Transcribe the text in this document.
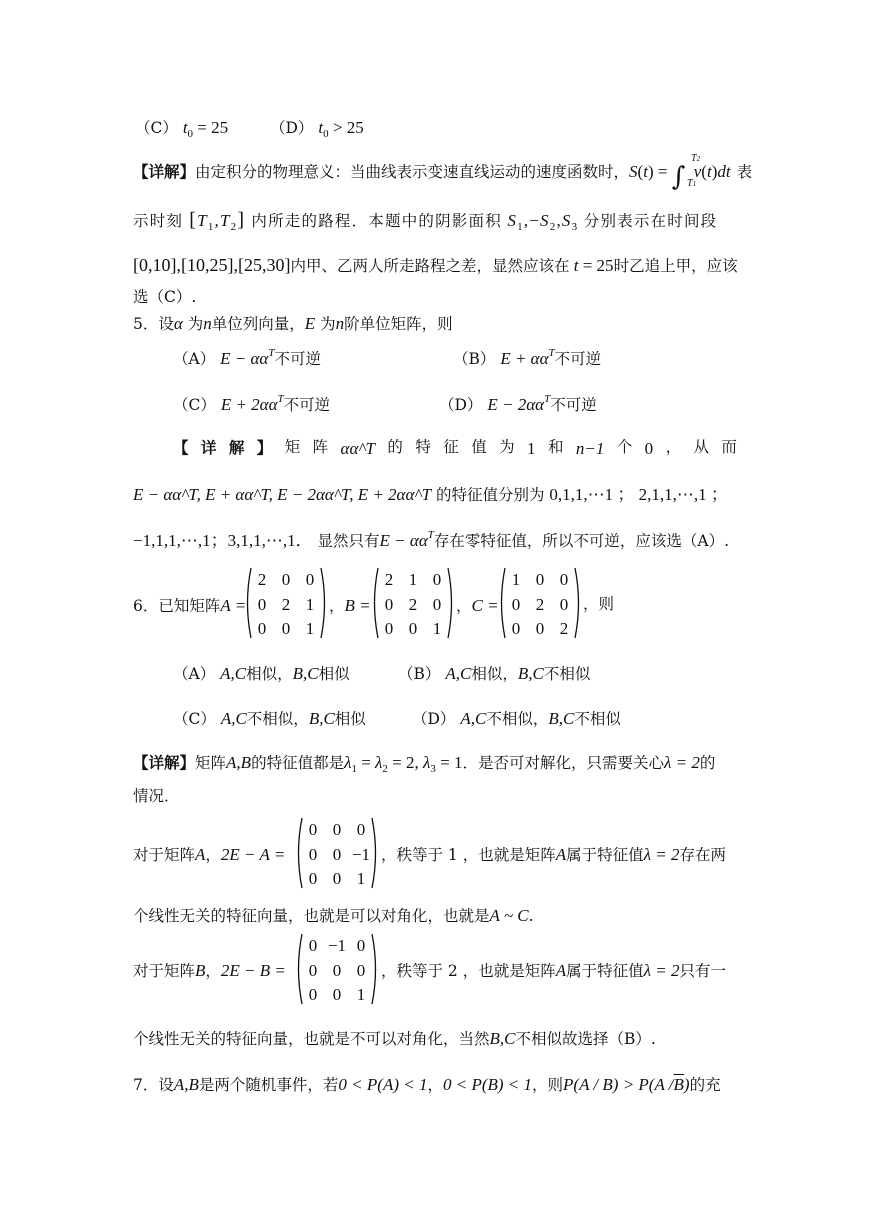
（C） $t_0 = 25$	（D） $t_0 > 25$
【详解】由定积分的物理意义：当曲线表示变速直线运动的速度函数时，S(t) = ∫
T2
T1
v(t)dt 表
示时刻 $[T_1,T_2]$ 内所走的路程．本题中的阴影面积 $S_1,-S_2,S_3$ 分别表示在时间段
[0,10],[10,25],[25,30]内甲、乙两人所走路程之差，显然应该在 t = 25时乙追上甲，应该
选（C）.
5．设α 为n单位列向量，E 为n阶单位矩阵，则
（A） $E - \alpha\alpha^T$不可逆	（B） $E + \alpha\alpha^T$不可逆
（C） $E + 2\alpha\alpha^T$不可逆	（D） $E - 2\alpha\alpha^T$不可逆
【 详 解 】 矩 阵 αα^T 的 特 征 值 为 1 和 n−1 个 0 ， 从 而
E − αα^T, E + αα^T, E − 2αα^T, E + 2αα^T 的特征值分别为 0,1,1,⋯1 ； 2,1,1,⋯,1 ；
−1,1,1,⋯,1；3,1,1,⋯,1． 显然只有$E - \alpha\alpha^T$存在零特征值，所以不可逆，应该选（A）.
6．已知矩阵A =
2 0 0
0 2 1
0 0 1
，B =
2 1 0
0 2 0
0 0 1
，C =
1 0 0
0 2 0
0 0 2
，则
（A） A,C相似，B,C相似	（B） A,C相似，B,C不相似
（C） A,C不相似，B,C相似	（D） A,C不相似，B,C不相似
【详解】矩阵A,B的特征值都是$\lambda_1 = \lambda_2 = 2$, $\lambda_3 = 1$．是否可对解化，只需要关心λ = 2的
情况．
对于矩阵A，2E − A =
0 0 0
0 0 −1
0 0 1
，秩等于 1 ，也就是矩阵A属于特征值λ = 2存在两
个线性无关的特征向量，也就是可以对角化，也就是A ~ C.
对于矩阵B，2E − B =
0 −1 0
0 0 0
0 0 1
，秩等于 2 ，也就是矩阵A属于特征值λ = 2只有一
个线性无关的特征向量，也就是不可以对角化，当然B,C不相似故选择（B）.
7．设A,B是两个随机事件，若0 < P(A) < 1，0 < P(B) < 1，则P(A / B) > P(A $/\overline{B}$)的充
